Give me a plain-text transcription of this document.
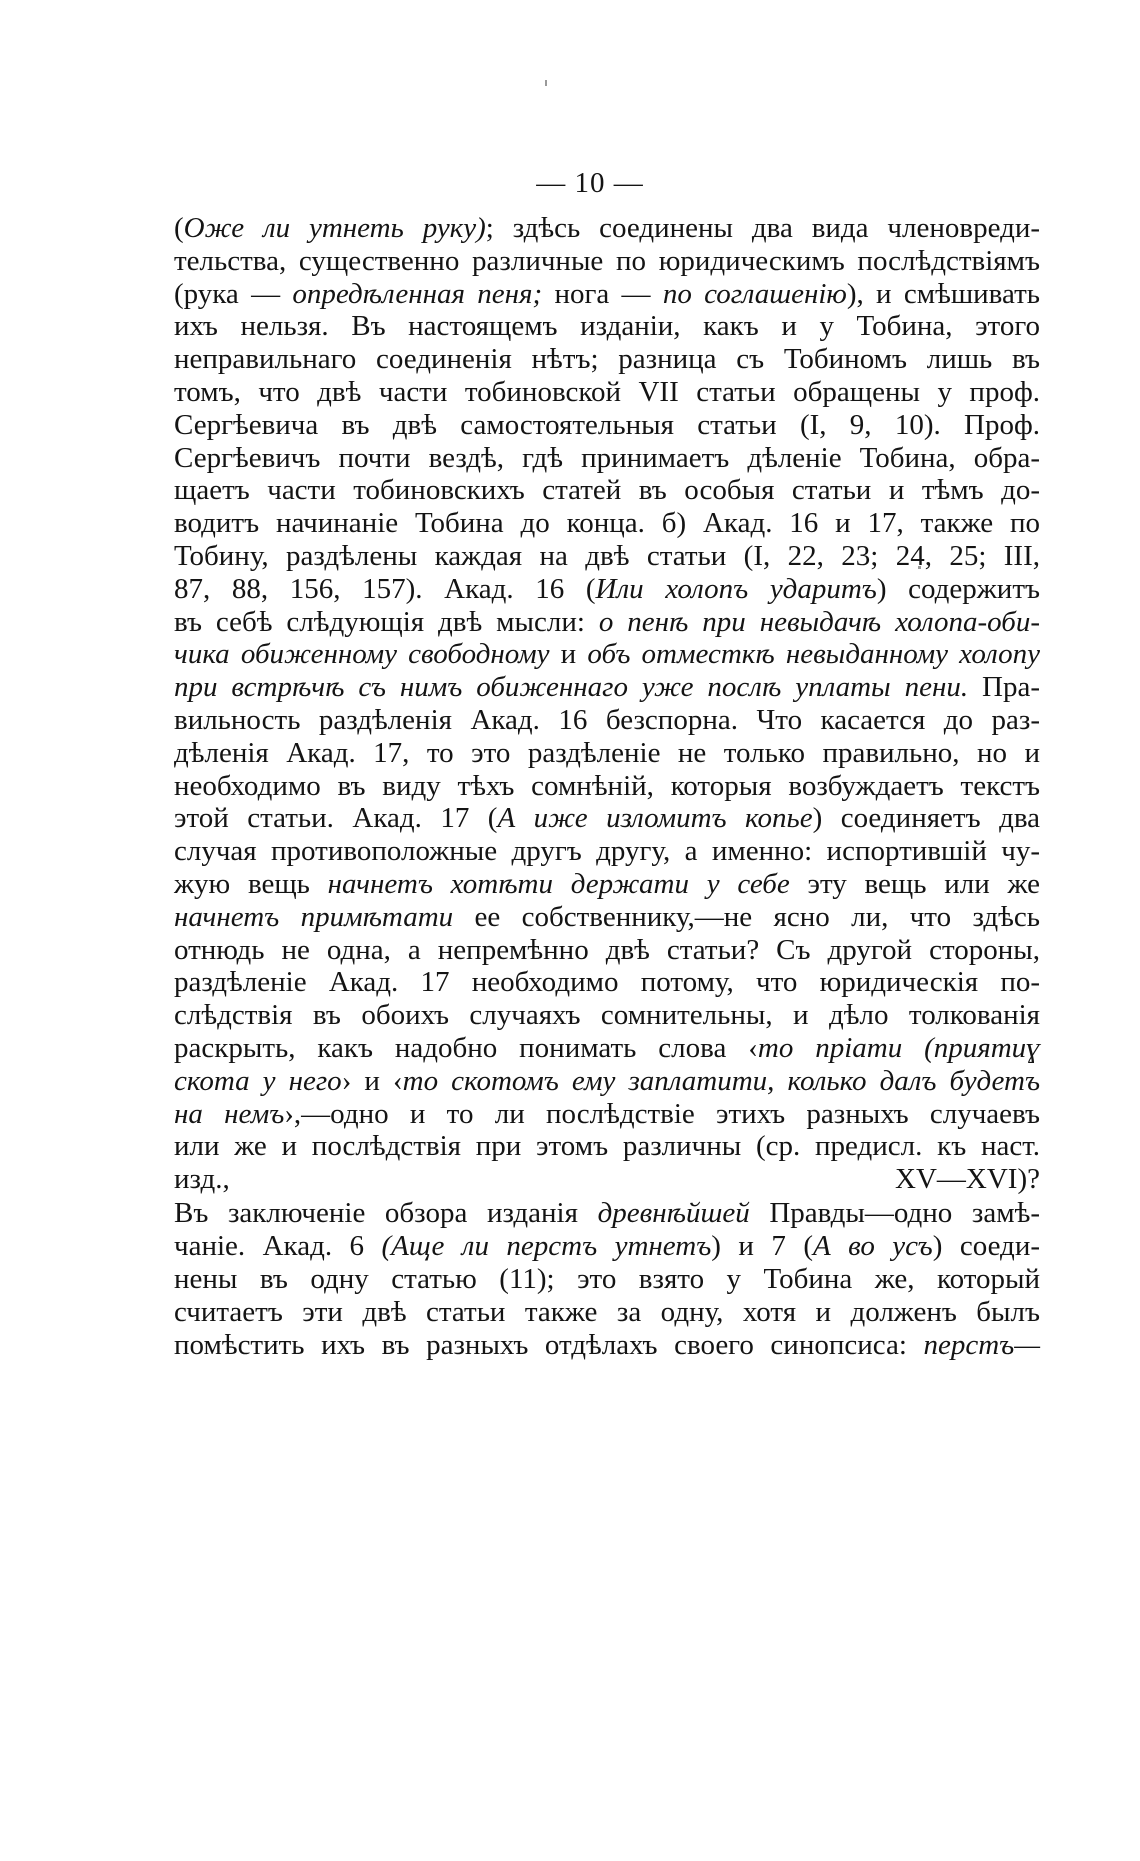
— 10 —
(Оже ли утнеть руку); здѣсь соединены два вида членовреди-
тельства, существенно различные по юридическимъ послѣдствіямъ
(рука — опредѣленная пеня; нога — по соглашенію), и смѣшивать
ихъ нельзя. Въ настоящемъ изданіи, какъ и у Тобина, этого
неправильнаго соединенія нѣтъ; разница съ Тобиномъ лишь въ
томъ, что двѣ части тобиновской VII статьи обращены у проф.
Сергѣевича въ двѣ самостоятельныя статьи (I, 9, 10). Проф.
Сергѣевичъ почти вездѣ, гдѣ принимаетъ дѣленіе Тобина, обра-
щаетъ части тобиновскихъ статей въ особыя статьи и тѣмъ до-
водитъ начинаніе Тобина до конца. б) Акад. 16 и 17, также по
Тобину, раздѣлены каждая на двѣ статьи (I, 22, 23; 24, 25; III,
87, 88, 156, 157). Акад. 16 (Или холопъ ударитъ) содержитъ
въ себѣ слѣдующія двѣ мысли: о пенѣ при невыдачѣ холопа-оби-
чика обиженному свободному и объ отместкѣ невыданному холопу
при встрѣчѣ съ нимъ обиженнаго уже послѣ уплаты пени. Пра-
вильность раздѣленія Акад. 16 безспорна. Что касается до раз-
дѣленія Акад. 17, то это раздѣленіе не только правильно, но и
необходимо въ виду тѣхъ сомнѣній, которыя возбуждаетъ текстъ
этой статьи. Акад. 17 (А иже изломитъ копье) соединяетъ два
случая противоположные другъ другу, а именно: испортившій чу-
жую вещь начнетъ хотѣти держати у себе эту вещь или же
начнетъ примѣтати ее собственнику,—не ясно ли, что здѣсь
отнюдь не одна, а непремѣнно двѣ статьи? Съ другой стороны,
раздѣленіе Акад. 17 необходимо потому, что юридическія по-
слѣдствія въ обоихъ случаяхъ сомнительны, и дѣло толкованія
раскрыть, какъ надобно понимать слова ‹то пріати (приятиɣ
скота у него› и ‹то скотомъ ему заплатити, колько далъ будетъ
на немъ›,—одно и то ли послѣдствіе этихъ разныхъ случаевъ
или же и послѣдствія при этомъ различны (ср. предисл. къ наст.
изд., XV—XVI)?
Въ заключеніе обзора изданія древнѣйшей Правды—одно замѣ-
чаніе. Акад. 6 (Аще ли перстъ утнетъ) и 7 (А во усъ) соеди-
нены въ одну статью (11); это взято у Тобина же, который
считаетъ эти двѣ статьи также за одну, хотя и долженъ былъ
помѣстить ихъ въ разныхъ отдѣлахъ своего синопсиса: перстъ—
